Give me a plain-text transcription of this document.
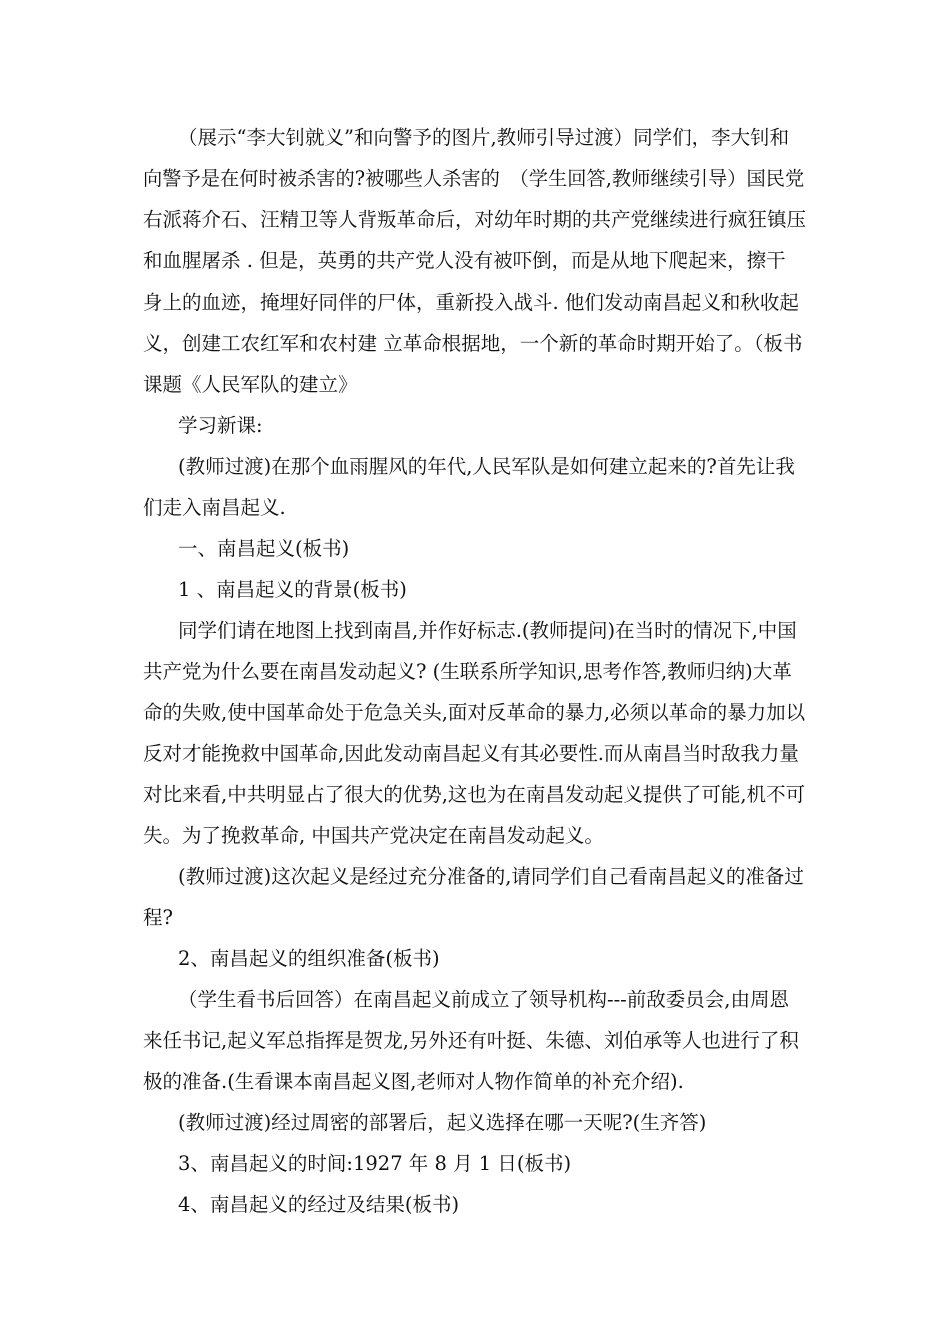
（展示“李大钊就义”和向警予的图片,教师引导过渡）同学们，李大钊和
向警予是在何时被杀害的?被哪些人杀害的　（学生回答,教师继续引导）国民党
右派蒋介石、汪精卫等人背叛革命后，对幼年时期的共产党继续进行疯狂镇压
和血腥屠杀 . 但是，英勇的共产党人没有被吓倒，而是从地下爬起来，擦干
身上的血迹，掩埋好同伴的尸体，重新投入战斗. 他们发动南昌起义和秋收起
义，创建工农红军和农村建 立革命根据地，一个新的革命时期开始了。（板书
课题《人民军队的建立》
学习新课:
(教师过渡)在那个血雨腥风的年代,人民军队是如何建立起来的?首先让我
们走入南昌起义.
一、南昌起义(板书)
1 、南昌起义的背景(板书)
同学们请在地图上找到南昌,并作好标志.(教师提问)在当时的情况下,中国
共产党为什么要在南昌发动起义? (生联系所学知识,思考作答,教师归纳)大革
命的失败,使中国革命处于危急关头,面对反革命的暴力,必须以革命的暴力加以
反对才能挽救中国革命,因此发动南昌起义有其必要性.而从南昌当时敌我力量
对比来看,中共明显占了很大的优势,这也为在南昌发动起义提供了可能,机不可
失。为了挽救革命, 中国共产党决定在南昌发动起义。
(教师过渡)这次起义是经过充分准备的,请同学们自己看南昌起义的准备过
程?
2、南昌起义的组织准备(板书)
（学生看书后回答）在南昌起义前成立了领导机构---前敌委员会,由周恩
来任书记,起义军总指挥是贺龙,另外还有叶挺、朱德、刘伯承等人也进行了积
极的准备.(生看课本南昌起义图,老师对人物作简单的补充介绍).
(教师过渡)经过周密的部署后，起义选择在哪一天呢?(生齐答)
3、南昌起义的时间:1927 年 8 月 1 日(板书)
4、南昌起义的经过及结果(板书)
